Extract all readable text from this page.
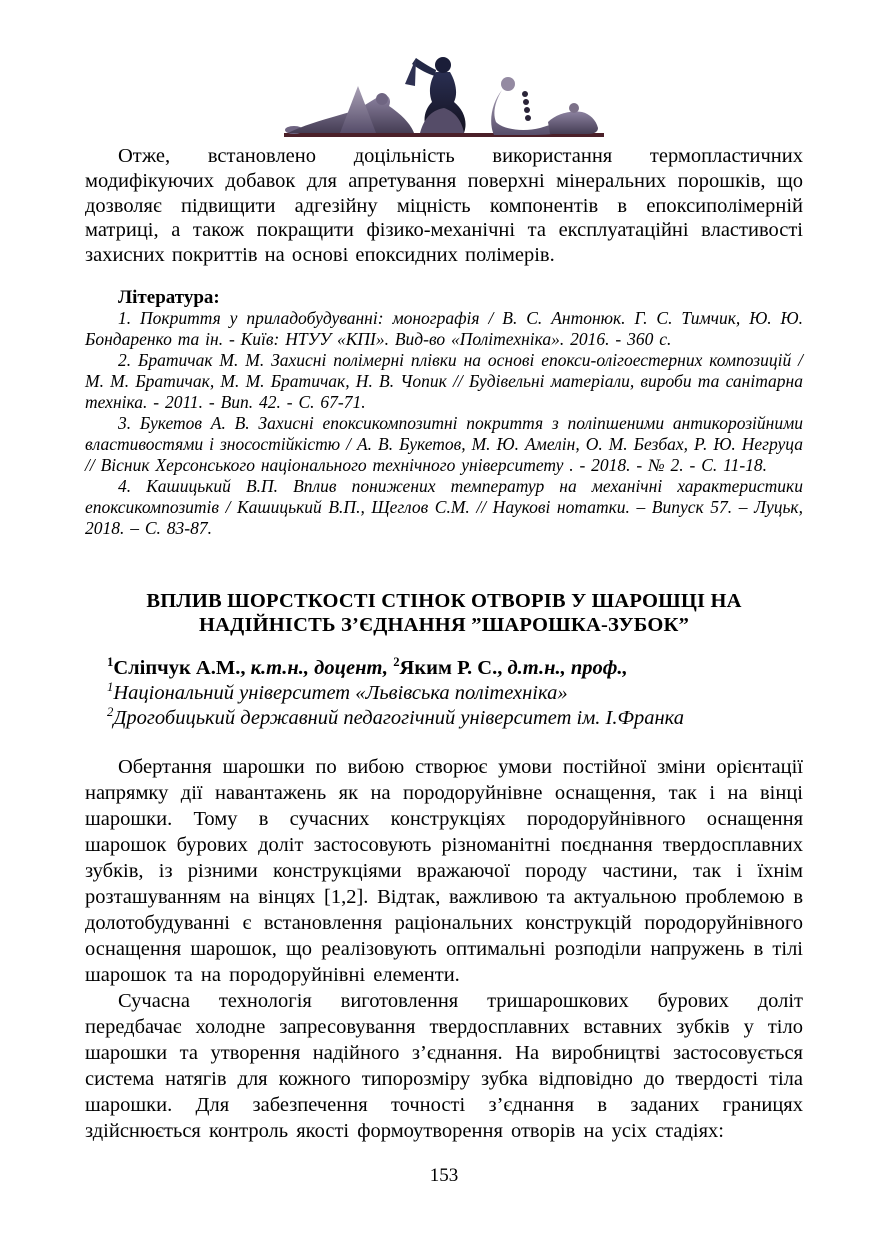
Отже, встановлено доцільність використання термопластичних модифікуючих добавок для апретування поверхні мінеральних порошків, що дозволяє підвищити адгезійну міцність компонентів в епоксиполімерній матриці, а також покращити фізико-механічні та експлуатаційні властивості захисних покриттів на основі епоксидних полімерів.

Література:

1. Покриття у приладобудуванні: монографія / В. С. Антонюк. Г. С. Тимчик, Ю. Ю. Бондаренко та ін. - Київ: НТУУ «КПІ». Вид-во «Політехніка». 2016. - 360 с.

2. Братичак М. М. Захисні полімерні плівки на основі епокси-олігоестерних композицій / М. М. Братичак, М. М. Братичак, Н. В. Чопик // Будівельні матеріали, вироби та санітарна техніка. - 2011. - Вип. 42. - С. 67-71.

3. Букетов А. В. Захисні епоксикомпозитні покриття з поліпшеними антикорозійними властивостями і зносостійкістю / А. В. Букетов, М. Ю. Амелін, О. М. Безбах, Р. Ю. Негруца // Вісник Херсонського національного технічного університету . - 2018. - № 2. - С. 11-18.

4. Кашицький В.П. Вплив понижених температур на механічні характеристики епоксикомпозитів / Кашицький В.П., Щеглов С.М. // Наукові нотатки. – Випуск 57. – Луцьк, 2018. – С. 83-87.

ВПЛИВ ШОРСТКОСТІ СТІНОК ОТВОРІВ У ШАРОШЦІ НА
НАДІЙНІСТЬ З’ЄДНАННЯ ”ШАРОШКА-ЗУБОК”
$^1$Сліпчук А.М., к.т.н., доцент, $^2$Яким Р. С., д.т.н., проф.,
$^1$Національний університет «Львівська політехніка»
$^2$Дрогобицький державний педагогічний університет ім. І.Франка

Обертання шарошки по вибою створює умови постійної зміни орієнтації напрямку дії навантажень як на породоруйнівне оснащення, так і на вінці шарошки. Тому в сучасних конструкціях породоруйнівного оснащення шарошок бурових доліт застосовують різноманітні поєднання твердосплавних зубків, із різними конструкціями вражаючої породу частини, так і їхнім розташуванням на вінцях [1,2]. Відтак, важливою та актуальною проблемою в долотобудуванні є встановлення раціональних конструкцій породоруйнівного оснащення шарошок, що реалізовують оптимальні розподіли напружень в тілі шарошок та на породоруйнівні елементи.

Сучасна технологія виготовлення тришарошкових бурових доліт передбачає холодне запресовування твердосплавних вставних зубків у тіло шарошки та утворення надійного з’єднання. На виробництві застосовується система натягів для кожного типорозміру зубка відповідно до твердості тіла шарошки. Для забезпечення точності з’єднання в заданих границях здійснюється контроль якості формоутворення отворів на усіх стадіях:

153
